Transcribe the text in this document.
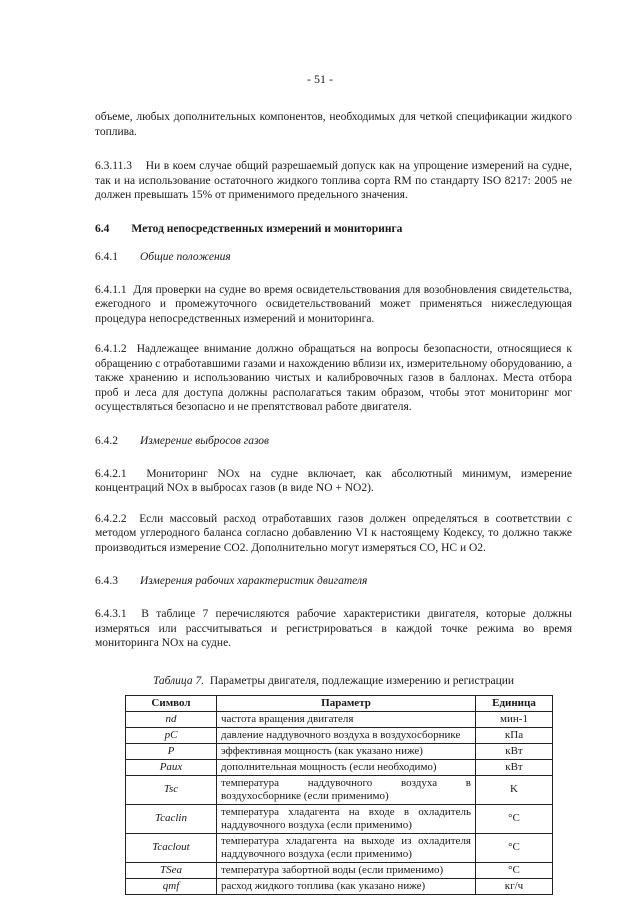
- 51 -

объеме, любых дополнительных компонентов, необходимых для четкой спецификации жидкого топлива.

6.3.11.3 Ни в коем случае общий разрешаемый допуск как на упрощение измерений на судне, так и на использование остаточного жидкого топлива сорта RM по стандарту ISO 8217: 2005 не должен превышать 15% от применимого предельного значения.

6.4 Метод непосредственных измерений и мониторинга
6.4.1 Общие положения

6.4.1.1 Для проверки на судне во время освидетельствования для возобновления свидетельства, ежегодного и промежуточного освидетельствований может применяться нижеследующая процедура непосредственных измерений и мониторинга.

6.4.1.2 Надлежащее внимание должно обращаться на вопросы безопасности, относящиеся к обращению с отработавшими газами и нахождению вблизи их, измерительному оборудованию, а также хранению и использованию чистых и калибровочных газов в баллонах. Места отбора проб и леса для доступа должны располагаться таким образом, чтобы этот мониторинг мог осуществляться безопасно и не препятствовал работе двигателя.

6.4.2 Измерение выбросов газов

6.4.2.1 Мониторинг NOx на судне включает, как абсолютный минимум, измерение концентраций NOx в выбросах газов (в виде NO + NO2).

6.4.2.2 Если массовый расход отработавших газов должен определяться в соответствии с методом углеродного баланса согласно добавлению VI к настоящему Кодексу, то должно также производиться измерение CO2. Дополнительно могут измеряться CO, HC и O2.

6.4.3 Измерения рабочих характеристик двигателя

6.4.3.1 В таблице 7 перечисляются рабочие характеристики двигателя, которые должны измеряться или рассчитываться и регистрироваться в каждой точке режима во время мониторинга NOx на судне.

Таблица 7. Параметры двигателя, подлежащие измерению и регистрации
Символ	Параметр	Единица
nd	частота вращения двигателя	мин-1
pC	давление наддувочного воздуха в воздухосборнике	кПа
P	эффективная мощность (как указано ниже)	кВт
Paux	дополнительная мощность (если необходимо)	кВт
Tsc	температура наддувочного воздуха в воздухосборнике (если применимо)	K
Tcaclin	температура хладагента на входе в охладитель наддувочного воздуха (если применимо)	°C
Tcaclout	температура хладагента на выходе из охладителя наддувочного воздуха (если применимо)	°C
TSea	температура забортной воды (если применимо)	°C
qmf	расход жидкого топлива (как указано ниже)	кг/ч
